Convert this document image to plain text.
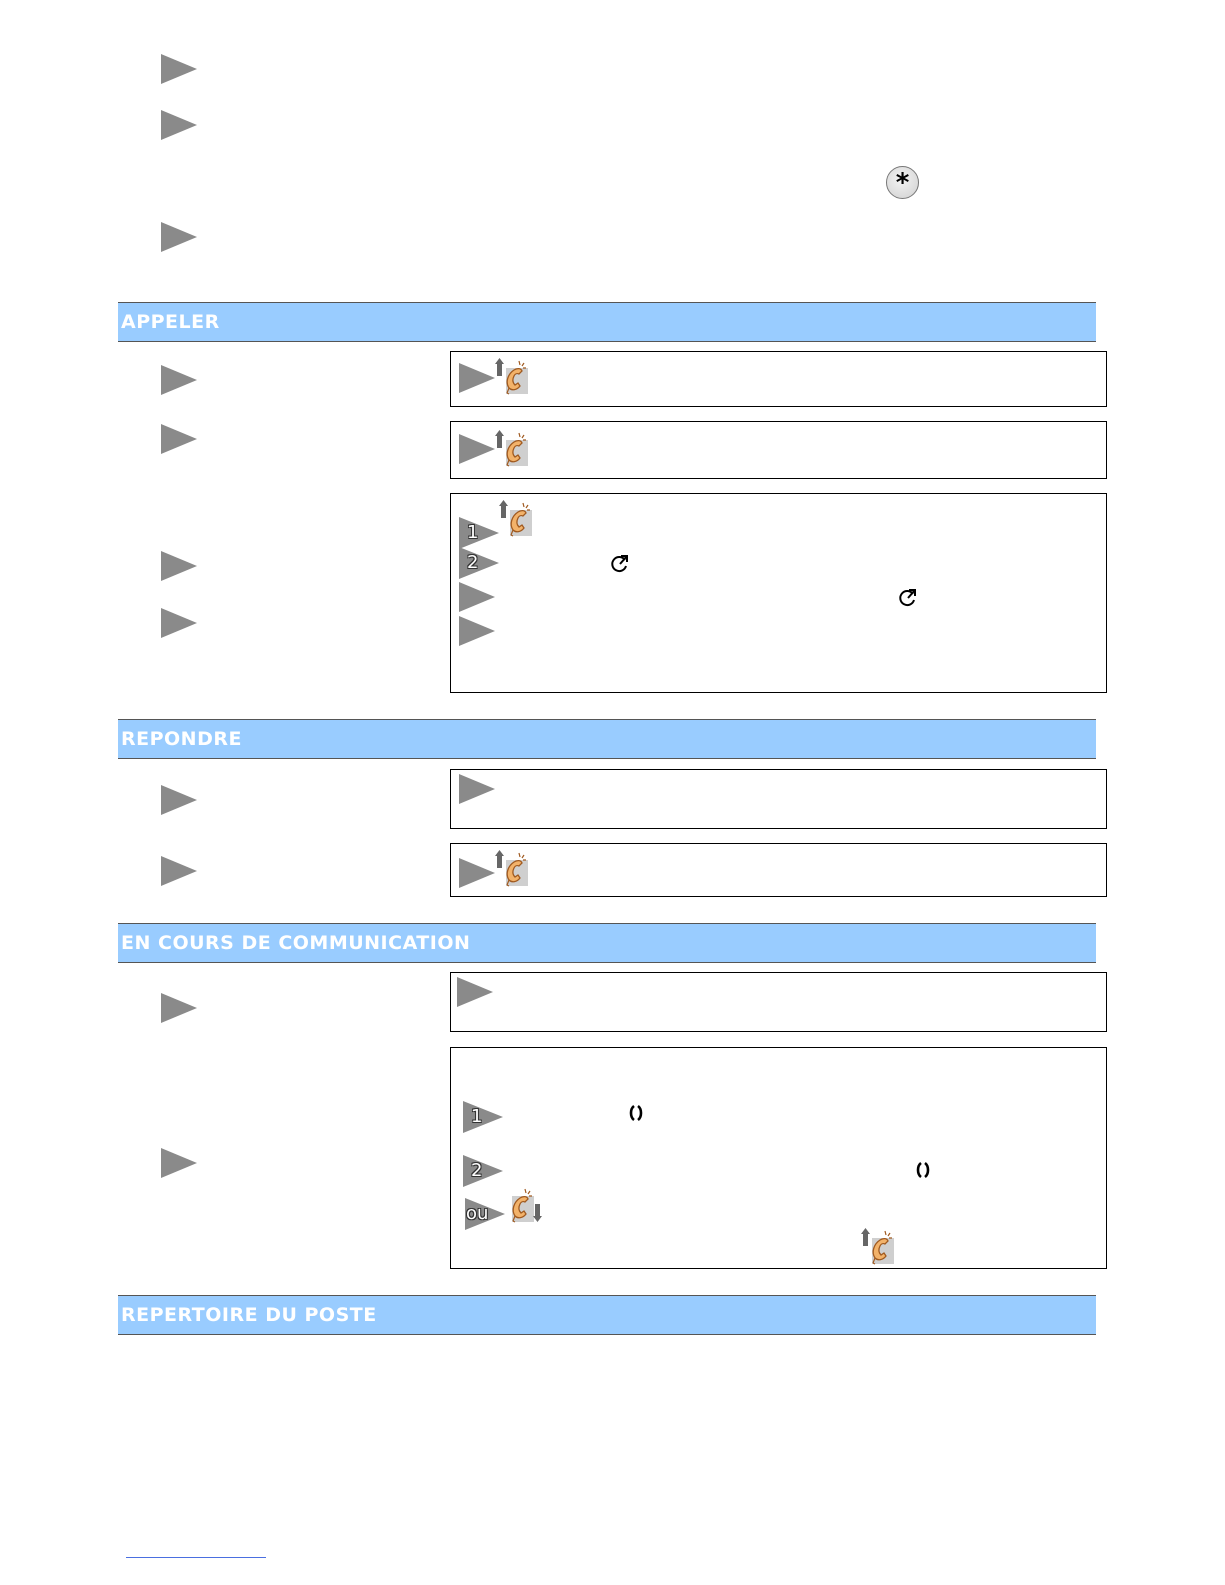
*
APPELER
1
2
REPONDRE
EN COURS DE COMMUNICATION
1
2
ou
REPERTOIRE DU POSTE
